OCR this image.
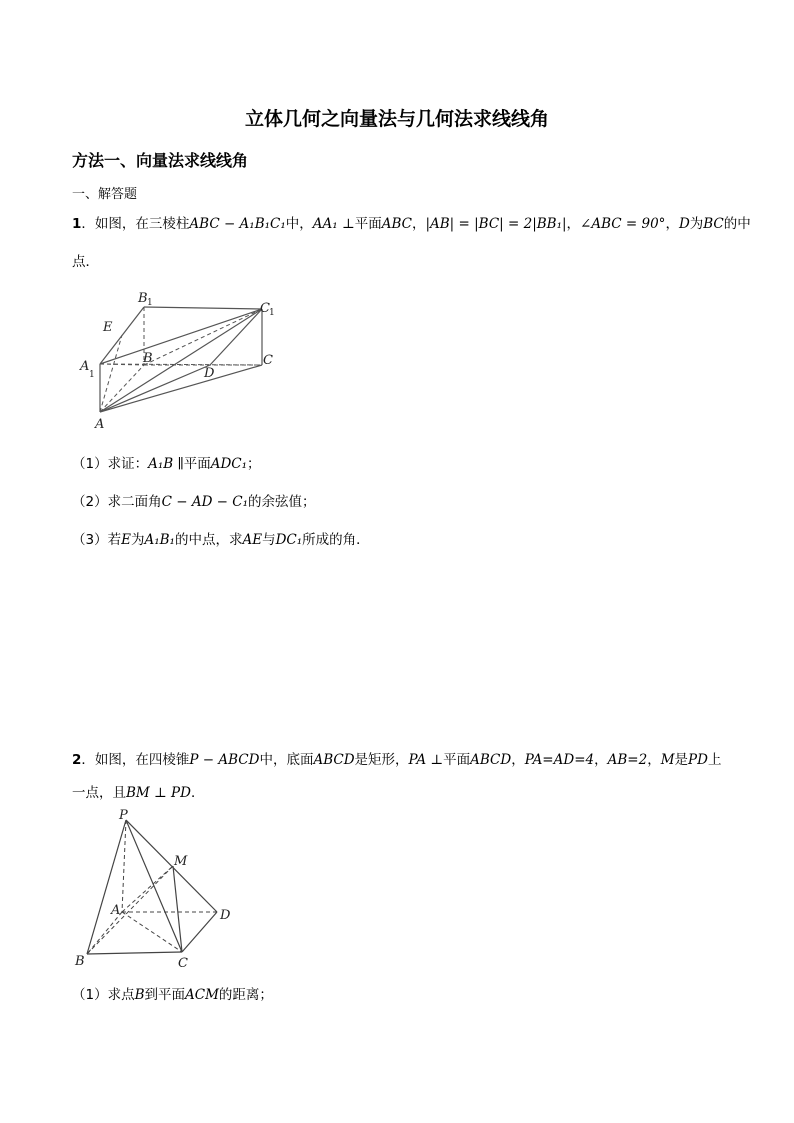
立体几何之向量法与几何法求线线角
方法一、向量法求线线角
一、解答题
1．如图，在三棱柱ABC − A₁B₁C₁中，AA₁ ⊥平面ABC，|AB| = |BC| = 2|BB₁|，∠ABC = 90°，D为BC的中
点．
B 1	C 1
E
A
1
B	C
D
A
（1）求证：A₁B ∥平面ADC₁；
（2）求二面角C − AD − C₁的余弦值；
（3）若E为A₁B₁的中点，求AE与DC₁所成的角．
2．如图，在四棱锥P − ABCD中，底面ABCD是矩形，PA ⊥平面ABCD，PA=AD=4，AB=2，M是PD上
一点，且BM ⊥ PD．
P
M
A	D
B	C
（1）求点B到平面ACM的距离；
